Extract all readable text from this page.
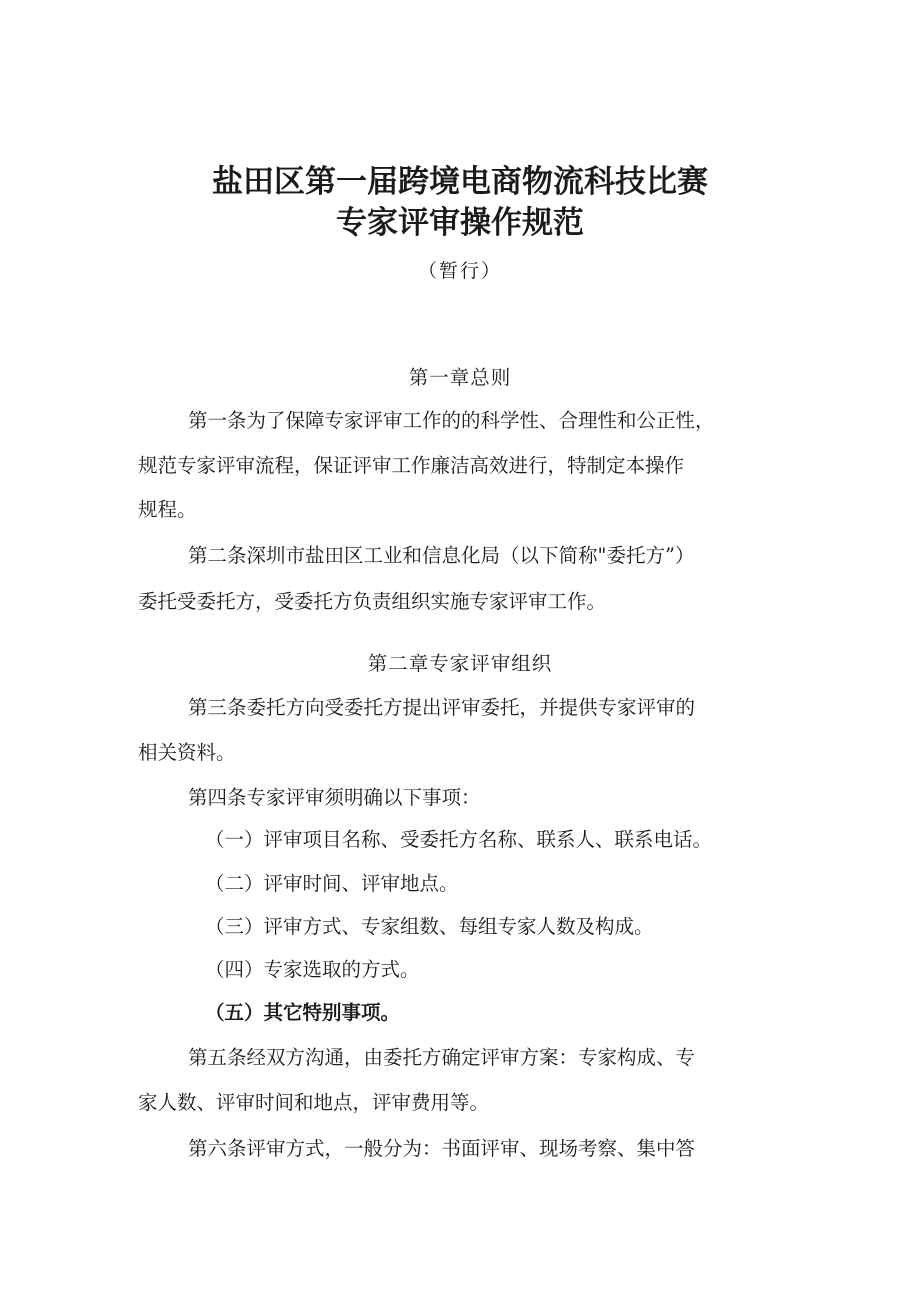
盐田区第一届跨境电商物流科技比赛
专家评审操作规范
（暂行）
第一章总则
第一条为了保障专家评审工作的的科学性、合理性和公正性，
规范专家评审流程，保证评审工作廉洁高效进行，特制定本操作
规程。
第二条深圳市盐田区工业和信息化局（以下简称"委托方”）
委托受委托方，受委托方负责组织实施专家评审工作。
第二章专家评审组织
第三条委托方向受委托方提出评审委托，并提供专家评审的
相关资料。
第四条专家评审须明确以下事项：
（一）评审项目名称、受委托方名称、联系人、联系电话。
（二）评审时间、评审地点。
（三）评审方式、专家组数、每组专家人数及构成。
（四）专家选取的方式。
（五）其它特别事项。
第五条经双方沟通，由委托方确定评审方案：专家构成、专
家人数、评审时间和地点，评审费用等。
第六条评审方式，一般分为：书面评审、现场考察、集中答
